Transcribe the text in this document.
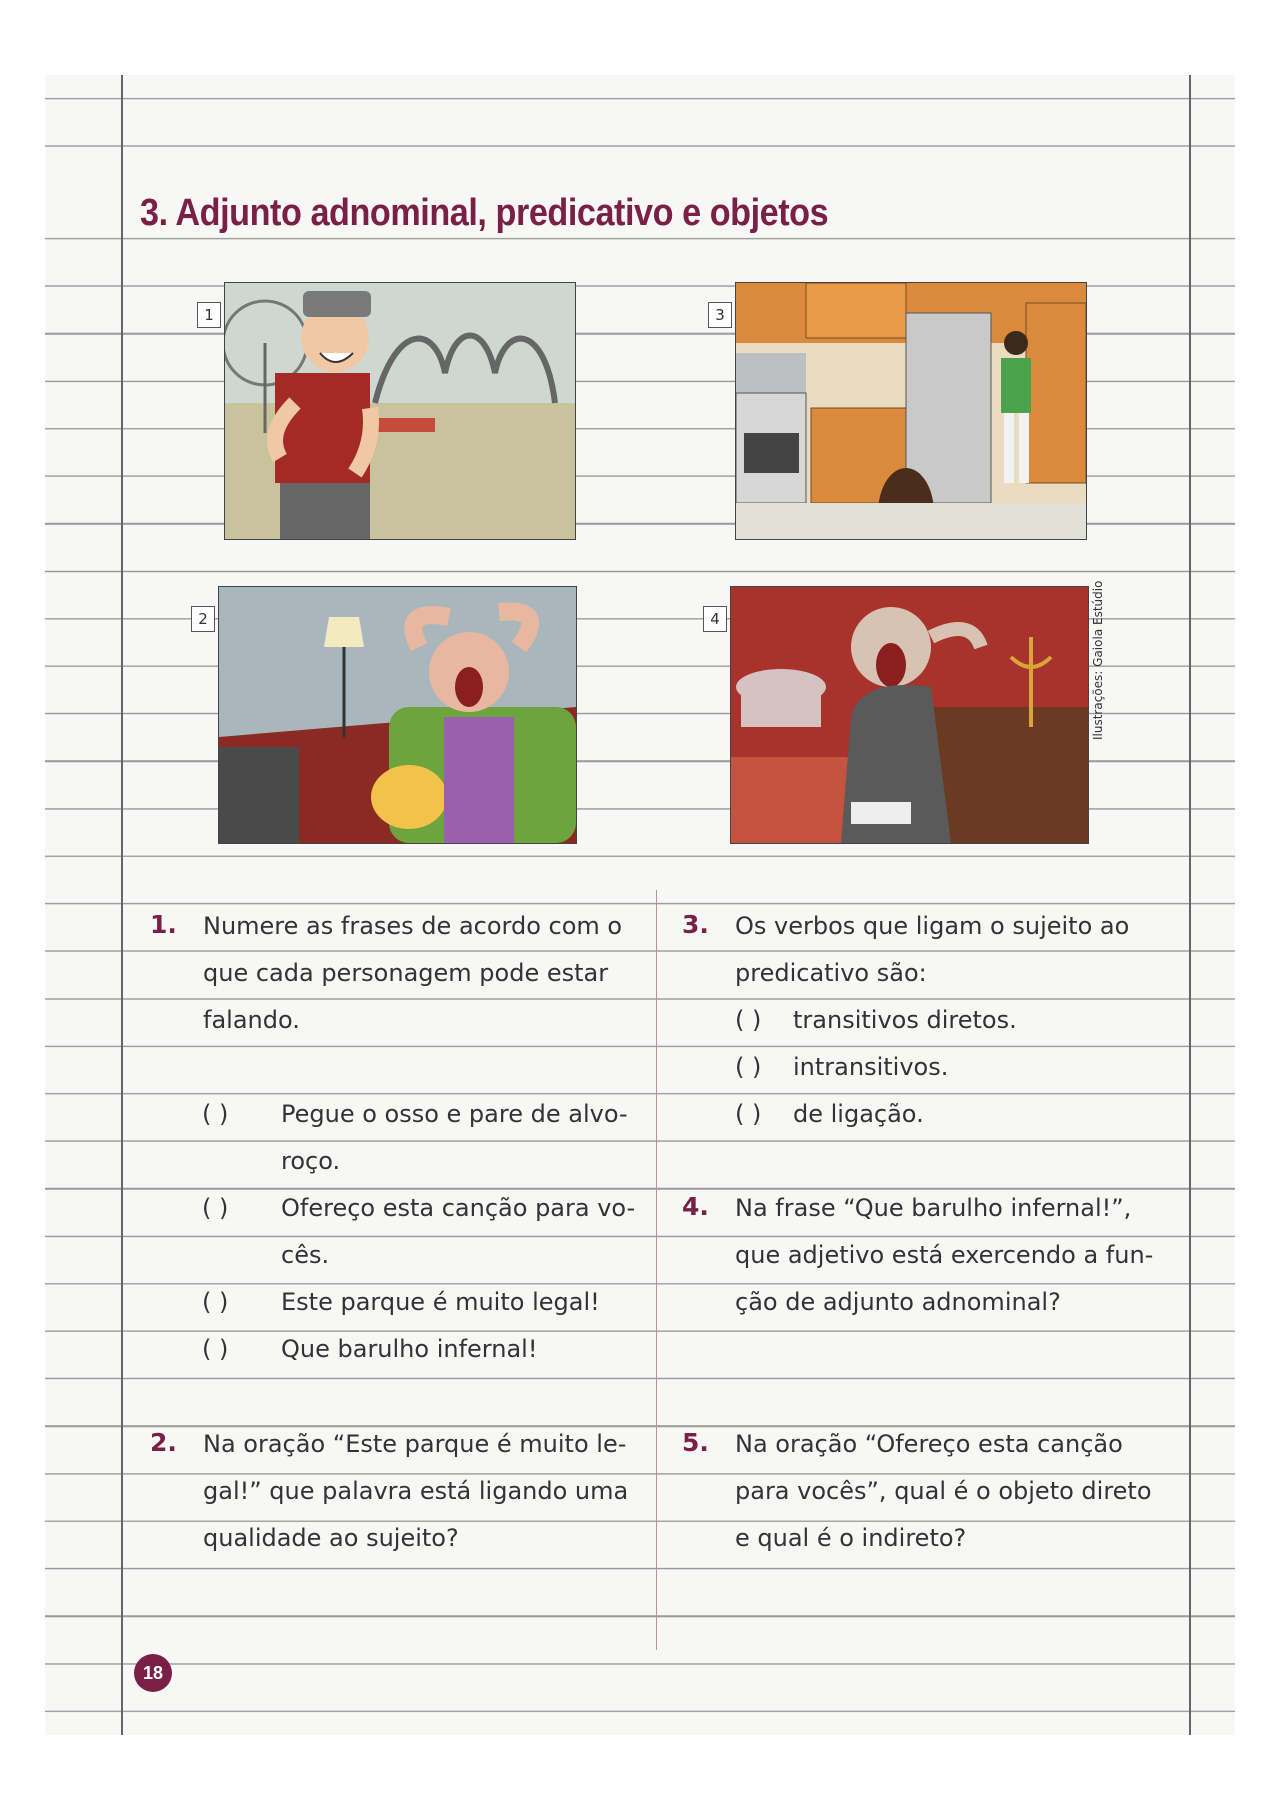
3. Adjunto adnominal, predicativo e objetos
1	3
2	4	Ilustrações: Gaiola Estúdio
1. Numere as frases de acordo com o
que cada personagem pode estar
falando.
( ) Pegue o osso e pare de alvo-
roço.
( ) Ofereço esta canção para vo-
cês.
( ) Este parque é muito legal!
( ) Que barulho infernal!
2. Na oração “Este parque é muito le-
gal!” que palavra está ligando uma
qualidade ao sujeito?
3. Os verbos que ligam o sujeito ao
predicativo são:
( ) transitivos diretos.
( ) intransitivos.
( ) de ligação.
4. Na frase “Que barulho infernal!”,
que adjetivo está exercendo a fun-
ção de adjunto adnominal?
5. Na oração “Ofereço esta canção
para vocês”, qual é o objeto direto
e qual é o indireto?
18
